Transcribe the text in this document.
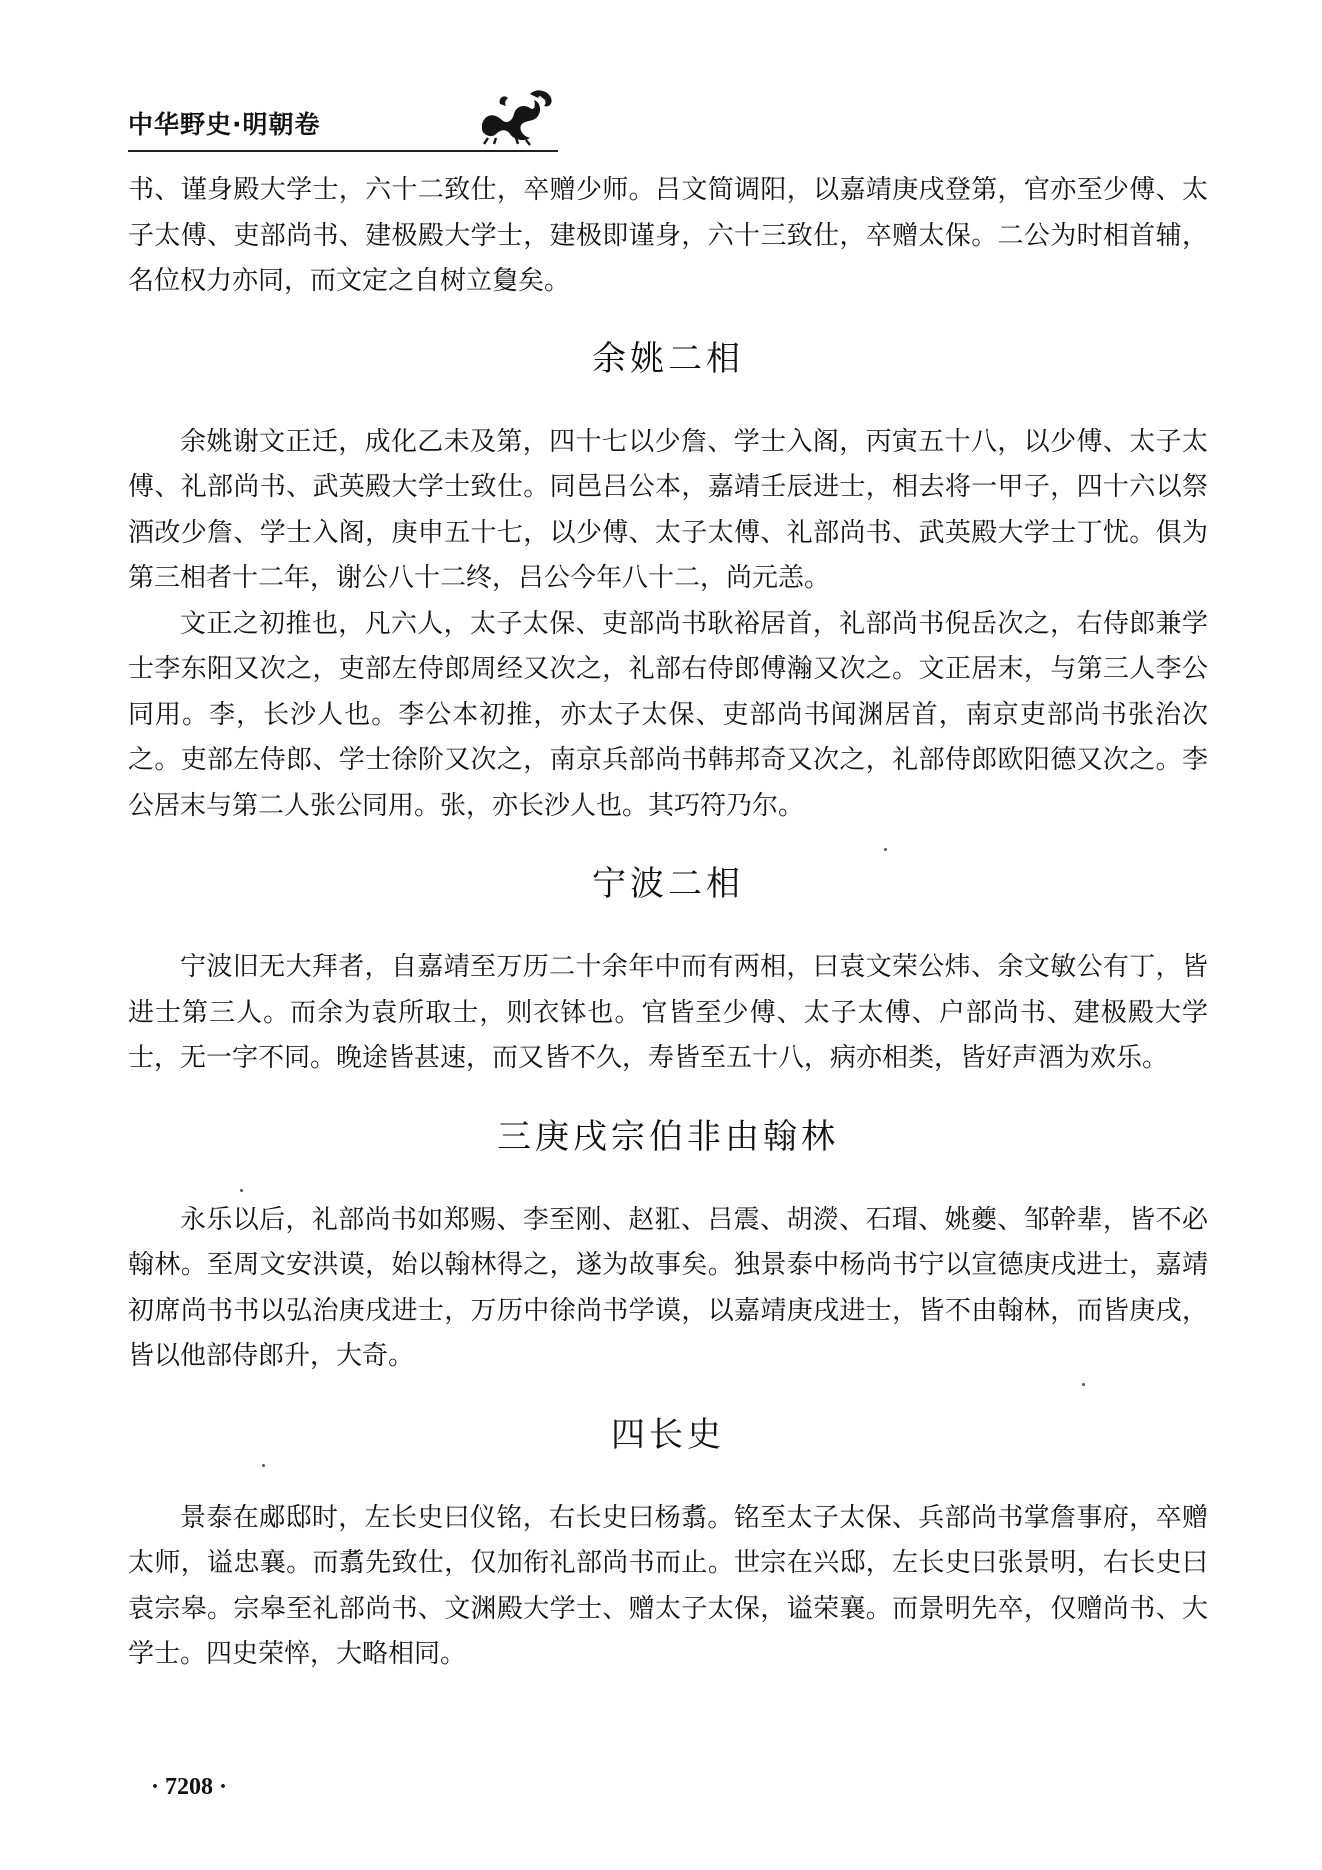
中华野史·明朝卷

书、谨身殿大学士，六十二致仕，卒赠少师。吕文简调阳，以嘉靖庚戌登第，官亦至少傅、太子太傅、吏部尚书、建极殿大学士，建极即谨身，六十三致仕，卒赠太保。二公为时相首辅，名位权力亦同，而文定之自树立敻矣。

余姚二相

余姚谢文正迁，成化乙未及第，四十七以少詹、学士入阁，丙寅五十八，以少傅、太子太傅、礼部尚书、武英殿大学士致仕。同邑吕公本，嘉靖壬辰进士，相去将一甲子，四十六以祭酒改少詹、学士入阁，庚申五十七，以少傅、太子太傅、礼部尚书、武英殿大学士丁忧。俱为第三相者十二年，谢公八十二终，吕公今年八十二，尚元恙。

文正之初推也，凡六人，太子太保、吏部尚书耿裕居首，礼部尚书倪岳次之，右侍郎兼学士李东阳又次之，吏部左侍郎周经又次之，礼部右侍郎傅瀚又次之。文正居末，与第三人李公同用。李，长沙人也。李公本初推，亦太子太保、吏部尚书闻渊居首，南京吏部尚书张治次之。吏部左侍郎、学士徐阶又次之，南京兵部尚书韩邦奇又次之，礼部侍郎欧阳德又次之。李公居末与第二人张公同用。张，亦长沙人也。其巧符乃尔。

宁波二相

宁波旧无大拜者，自嘉靖至万历二十余年中而有两相，曰袁文荣公炜、余文敏公有丁，皆进士第三人。而余为袁所取士，则衣钵也。官皆至少傅、太子太傅、户部尚书、建极殿大学士，无一字不同。晚途皆甚速，而又皆不久，寿皆至五十八，病亦相类，皆好声酒为欢乐。

三庚戌宗伯非由翰林

永乐以后，礼部尚书如郑赐、李至刚、赵羾、吕震、胡濙、石瑁、姚夔、邹幹辈，皆不必翰林。至周文安洪谟，始以翰林得之，遂为故事矣。独景泰中杨尚书宁以宣德庚戌进士，嘉靖初席尚书书以弘治庚戌进士，万历中徐尚书学谟，以嘉靖庚戌进士，皆不由翰林，而皆庚戌，皆以他部侍郎升，大奇。

四长史

景泰在郕邸时，左长史曰仪铭，右长史曰杨翥。铭至太子太保、兵部尚书掌詹事府，卒赠太师，谥忠襄。而翥先致仕，仅加衔礼部尚书而止。世宗在兴邸，左长史曰张景明，右长史曰袁宗皋。宗皋至礼部尚书、文渊殿大学士、赠太子太保，谥荣襄。而景明先卒，仅赠尚书、大学士。四史荣悴，大略相同。

· 7208 ·
